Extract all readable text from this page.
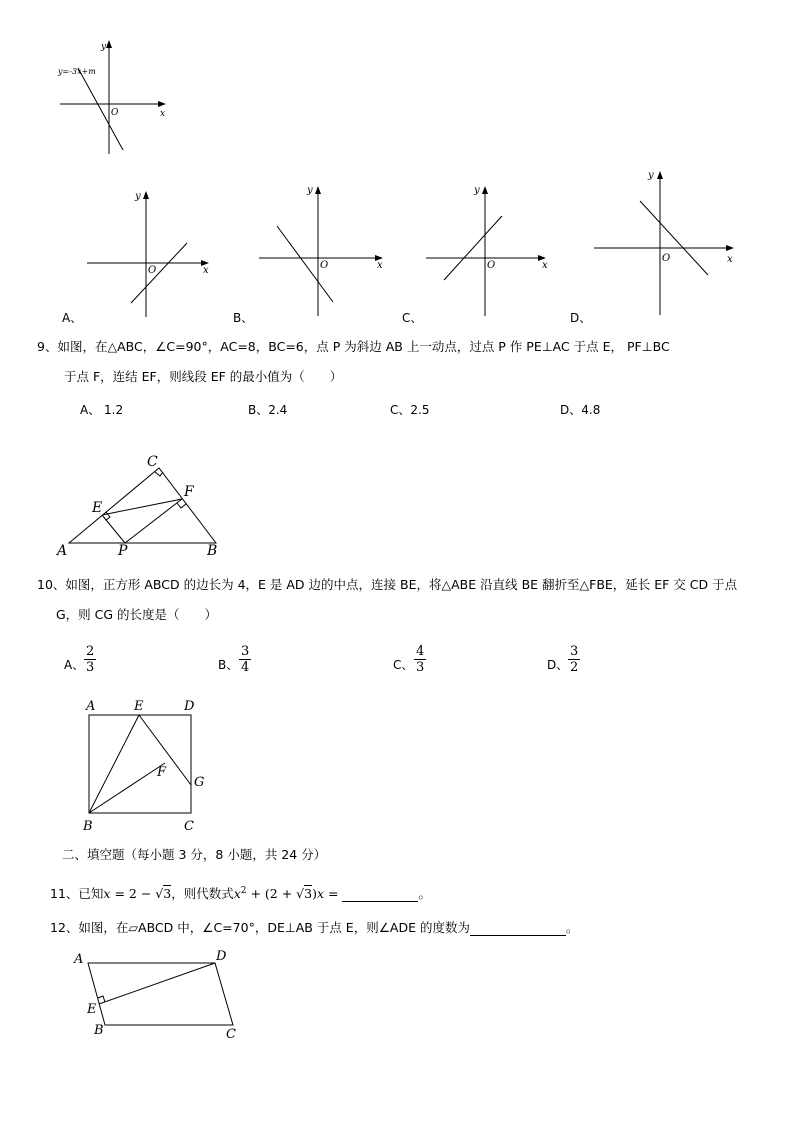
y
x
O
y=-3x+m
y
x
O
A、
y
x
O
B、
y
x
O
C、
y
x
O
D、
9、如图，在△ABC，∠C=90°，AC=8，BC=6，点 P 为斜边 AB 上一动点，过点 P 作 PE⊥AC 于点 E， PF⊥BC
于点 F，连结 EF，则线段 EF 的最小值为（　　）
A、 1.2	B、2.4	C、2.5	D、4.8
C
F
E
A	P	B
10、如图，正方形 ABCD 的边长为 4，E 是 AD 边的中点，连接 BE，将△ABE 沿直线 BE 翻折至△FBE，延长 EF 交 CD 于点
G，则 CG 的长度是（　　）
A、 $\frac{2}{3}$	B、 $\frac{3}{4}$	C、 $\frac{4}{3}$	D、 $\frac{3}{2}$
A	E	D
F
G
B	C
二、填空题（每小题 3 分，8 小题，共 24 分）
11、已知x = 2 − √3，则代数式$x^2 + (2 + √3)x$ =	。
12、如图，在▱ABCD 中，∠C=70°，DE⊥AB 于点 E，则∠ADE 的度数为	。
A	D
E
B	C
